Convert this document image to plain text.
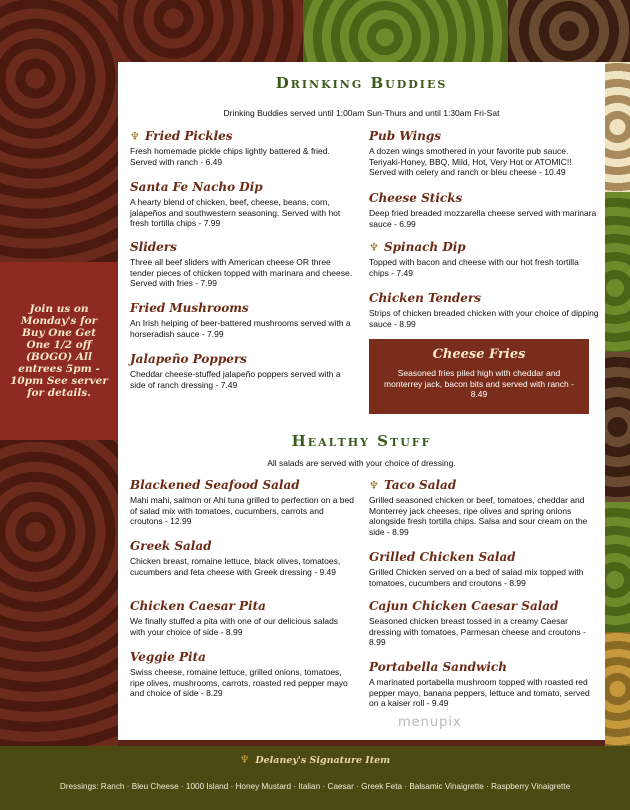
Join us on Monday's for Buy One Get One 1/2 off (BOGO) All entrees 5pm - 10pm See server for details.
Drinking Buddies
Drinking Buddies served until 1:00am Sun-Thurs and until 1:30am Fri-Sat
♆ Fried Pickles
Fresh homemade pickle chips lightly battered & fried. Served with ranch - 6.49
Santa Fe Nacho Dip
A hearty blend of chicken, beef, cheese, beans, corn, jalapeños and southwestern seasoning. Served with hot fresh tortilla chips - 7.99
Sliders
Three all beef sliders with American cheese OR three tender pieces of chicken topped with marinara and cheese. Served with fries - 7.99
Fried Mushrooms
An Irish helping of beer-battered mushrooms served with a horseradish sauce - 7.99
Jalapeño Poppers
Cheddar cheese-stuffed jalapeño poppers served with a side of ranch dressing - 7.49
Pub Wings
A dozen wings smothered in your favorite pub sauce. Teriyaki-Honey, BBQ, Mild, Hot, Very Hot or ATOMIC!! Served with celery and ranch or bleu cheese - 10.49
Cheese Sticks
Deep fried breaded mozzarella cheese served with marinara sauce - 6.99
♆ Spinach Dip
Topped with bacon and cheese with our hot fresh tortilla chips - 7.49
Chicken Tenders
Strips of chicken breaded chicken with your choice of dipping sauce - 8.99
Cheese Fries
Seasoned fries piled high with cheddar and monterrey jack, bacon bits and served with ranch - 8.49
Healthy Stuff
All salads are served with your choice of dressing.
Blackened Seafood Salad
Mahi mahi, salmon or Ahi tuna grilled to perfection on a bed of salad mix with tomatoes, cucumbers, carrots and croutons - 12.99
Greek Salad
Chicken breast, romaine lettuce, black olives, tomatoes, cucumbers and feta cheese with Greek dressing - 9.49
Chicken Caesar Pita
We finally stuffed a pita with one of our delicious salads with your choice of side - 8.99
Veggie Pita
Swiss cheese, romaine lettuce, grilled onions, tomatoes, ripe olives, mushrooms, carrots, roasted red pepper mayo and choice of side - 8.29
♆ Taco Salad
Grilled seasoned chicken or beef, tomatoes, cheddar and Monterrey jack cheeses, ripe olives and spring onions alongside fresh tortilla chips. Salsa and sour cream on the side - 8.99
Grilled Chicken Salad
Grilled Chicken served on a bed of salad mix topped with tomatoes, cucumbers and croutons - 8.99
Cajun Chicken Caesar Salad
Seasoned chicken breast tossed in a creamy Caesar dressing with tomatoes, Parmesan cheese and croutons - 8.99
Portabella Sandwich
A marinated portabella mushroom topped with roasted red pepper mayo, banana peppers, lettuce and tomato, served on a kaiser roll - 9.49
menupix
♆ Delaney's Signature Item
Dressings: Ranch · Bleu Cheese · 1000 Island · Honey Mustard · Italian · Caesar · Greek Feta · Balsamic Vinaigrette · Raspberry Vinaigrette
